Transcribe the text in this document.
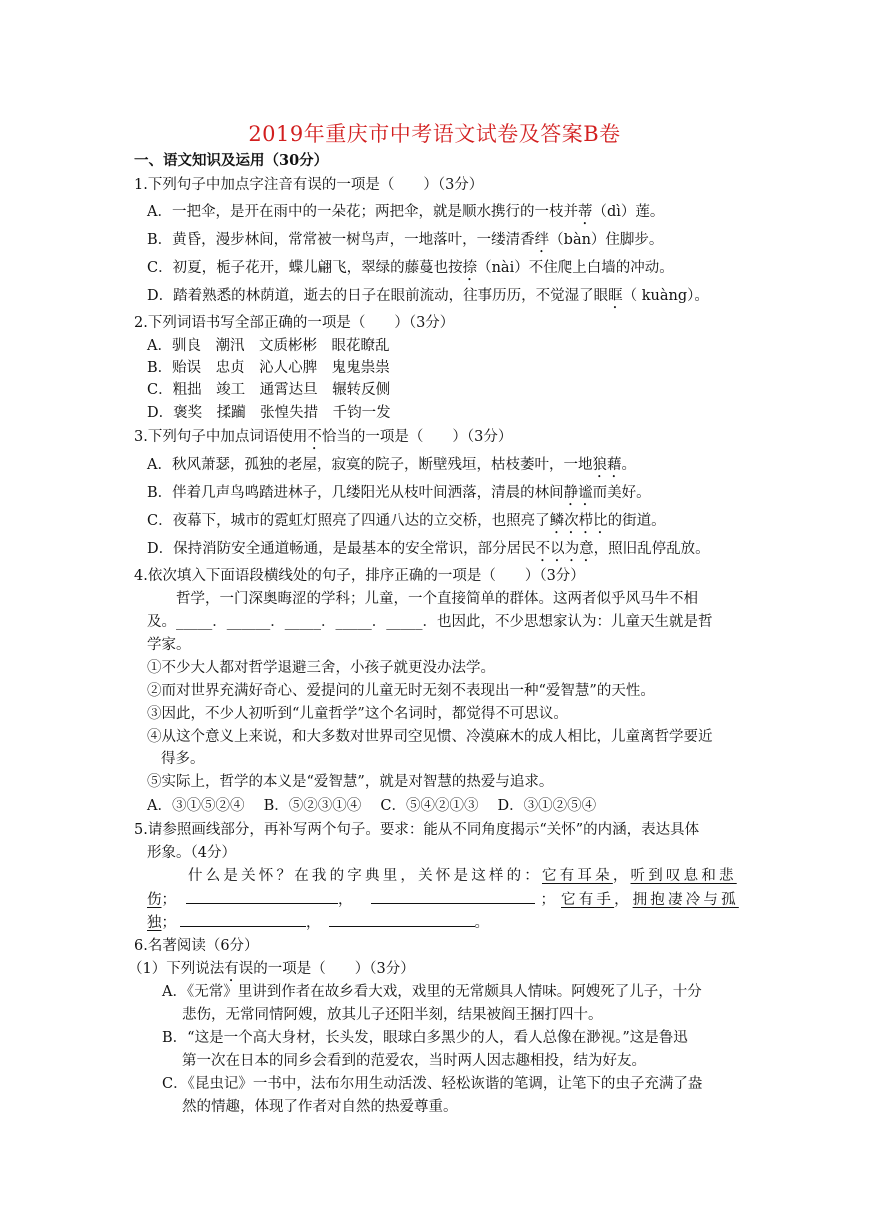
2019年重庆市中考语文试卷及答案B卷
一、语文知识及运用（30分）
1.下列句子中加点字注音有误的一项是（　　）（3分）
A．一把伞，是开在雨中的一朵花；两把伞，就是顺水携行的一枝并蒂（dì）莲。
B．黄昏，漫步林间，常常被一树鸟声，一地落叶，一缕清香绊（bàn）住脚步。
C．初夏，栀子花开，蝶儿翩飞，翠绿的藤蔓也按捺（nài）不住爬上白墙的冲动。
D．踏着熟悉的林荫道，逝去的日子在眼前流动，往事历历，不觉湿了眼眶（ kuàng）。
2.下列词语书写全部正确的一项是（　　）（3分）
A．驯良　潮汛　文质彬彬　眼花瞭乱
B．贻误　忠贞　沁人心脾　鬼鬼祟祟
C．粗拙　竣工　通霄达旦　辗转反侧
D．褒奖　揉躏　张惶失措　千钧一发
3.下列句子中加点词语使用不恰当的一项是（　　）（3分）
A．秋风萧瑟，孤独的老屋，寂寞的院子，断壁残垣，枯枝萎叶，一地狼藉。
B．伴着几声鸟鸣踏进林子，几缕阳光从枝叶间洒落，清晨的林间静谧而美好。
C．夜幕下，城市的霓虹灯照亮了四通八达的立交桥，也照亮了鳞次栉比的街道。
D．保持消防安全通道畅通，是最基本的安全常识，部分居民不以为意，照旧乱停乱放。
4.依次填入下面语段横线处的句子，排序正确的一项是（　　）（3分）
　　哲学，一门深奥晦涩的学科；儿童，一个直接简单的群体。这两者似乎风马牛不相
及。_____．______．_____．_____．_____．也因此，不少思想家认为：儿童天生就是哲
学家。
①不少大人都对哲学退避三舍，小孩子就更没办法学。
②而对世界充满好奇心、爱提问的儿童无时无刻不表现出一种“爱智慧”的天性。
③因此，不少人初听到“儿童哲学”这个名词时，都觉得不可思议。
④从这个意义上来说，和大多数对世界司空见惯、冷漠麻木的成人相比，儿童离哲学要近
得多。
⑤实际上，哲学的本义是“爱智慧”，就是对智慧的热爱与追求。
A．③①⑤②④　 B．⑤②③①④　 C．⑤④②①③　 D．③①②⑤④
5.请参照画线部分，再补写两个句子。要求：能从不同角度揭示“关怀”的内涵，表达具体
形象。（4分）
什么是关怀？在我的字典里，关怀是这样的：它有耳朵，听到叹息和悲
伤；	，	； 它有手， 拥抱凄冷与孤
独；	，	。
6.名著阅读（6分）
（1）下列说法有误的一项是（　　）（3分）
A．《无常》里讲到作者在故乡看大戏，戏里的无常颇具人情味。阿嫂死了儿子，十分
悲伤，无常同情阿嫂，放其儿子还阳半刻，结果被阎王捆打四十。
B．“这是一个高大身材，长头发，眼球白多黑少的人，看人总像在渺视。”这是鲁迅
第一次在日本的同乡会看到的范爱农，当时两人因志趣相投，结为好友。
C．《昆虫记》一书中，法布尔用生动活泼、轻松诙谐的笔调，让笔下的虫子充满了盎
然的情趣，体现了作者对自然的热爱尊重。
